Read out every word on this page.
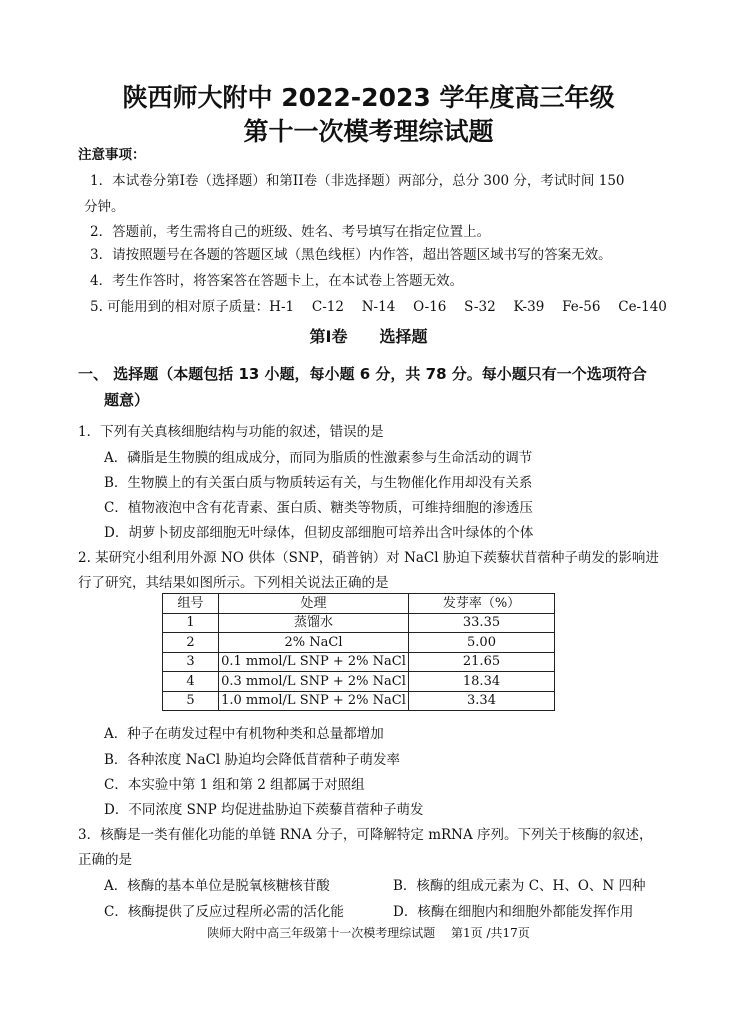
陕西师大附中 2022-2023 学年度高三年级
第十一次模考理综试题
注意事项：
1．本试卷分第I卷（选择题）和第II卷（非选择题）两部分，总分 300 分，考试时间 150
分钟。
2．答题前，考生需将自己的班级、姓名、考号填写在指定位置上。
3．请按照题号在各题的答题区域（黑色线框）内作答，超出答题区域书写的答案无效。
4．考生作答时，将答案答在答题卡上，在本试卷上答题无效。
5. 可能用到的相对原子质量：H-1　 C-12　 N-14　 O-16　 S-32　 K-39　 Fe-56　 Ce-140
第Ⅰ卷　　选择题
一、 选择题（本题包括 13 小题，每小题 6 分，共 78 分。每小题只有一个选项符合
题意）
1．下列有关真核细胞结构与功能的叙述，错误的是
A．磷脂是生物膜的组成成分，而同为脂质的性激素参与生命活动的调节
B．生物膜上的有关蛋白质与物质转运有关，与生物催化作用却没有关系
C．植物液泡中含有花青素、蛋白质、糖类等物质，可维持细胞的渗透压
D．胡萝卜韧皮部细胞无叶绿体，但韧皮部细胞可培养出含叶绿体的个体
2. 某研究小组利用外源 NO 供体（SNP，硝普钠）对 NaCl 胁迫下蒺藜状苜蓿种子萌发的影响进
行了研究，其结果如图所示。下列相关说法正确的是
组号	处理	发芽率（%）
1	蒸馏水	33.35
2	2% NaCl	5.00
3	0.1 mmol/L SNP + 2% NaCl	21.65
4	0.3 mmol/L SNP + 2% NaCl	18.34
5	1.0 mmol/L SNP + 2% NaCl	3.34
A．种子在萌发过程中有机物种类和总量都增加
B．各种浓度 NaCl 胁迫均会降低苜蓿种子萌发率
C．本实验中第 1 组和第 2 组都属于对照组
D．不同浓度 SNP 均促进盐胁迫下蒺藜苜蓿种子萌发
3．核酶是一类有催化功能的单链 RNA 分子，可降解特定 mRNA 序列。下列关于核酶的叙述，
正确的是
A．核酶的基本单位是脱氧核糖核苷酸	B．核酶的组成元素为 C、H、O、N 四种
C．核酶提供了反应过程所必需的活化能	D．核酶在细胞内和细胞外都能发挥作用
陕师大附中高三年级第十一次模考理综试题　 第1页 /共17页
